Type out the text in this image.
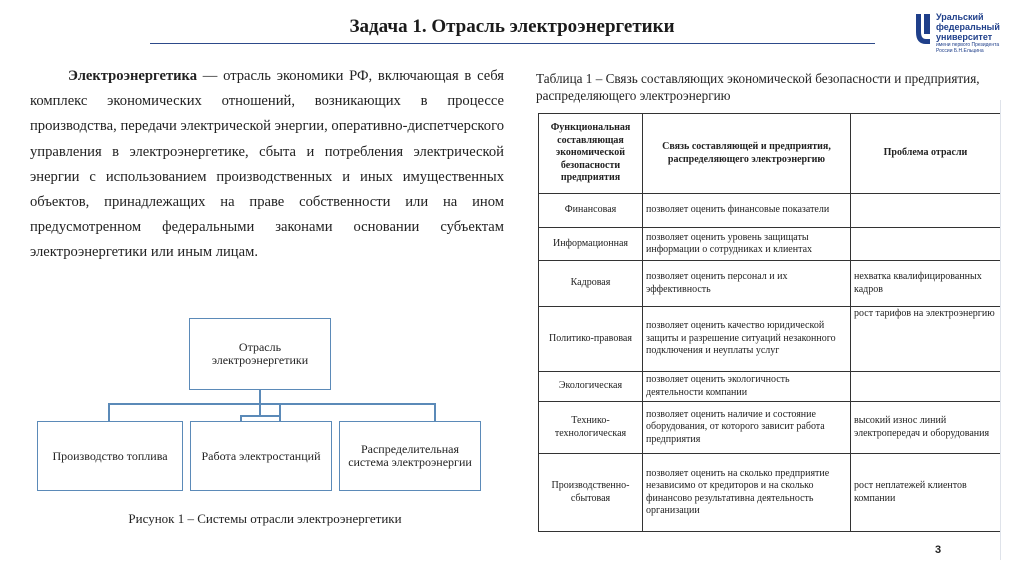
Задача 1. Отрасль электроэнергетики	Уральский
федеральный
университет
имени первого Президента России Б.Н.Ельцина

Электроэнергетика — отрасль экономики РФ, включающая в себя комплекс экономических отношений, возникающих в процессе производства, передачи электрической энергии, оперативно-диспетчерского управления в электроэнергетике, сбыта и потребления электрической энергии с использованием производственных и иных имущественных объектов, принадлежащих на праве собственности или на ином предусмотренном федеральными законами основании субъектам электроэнергетики или иным лицам.

Отрасль электроэнергетики
Производство топлива	Работа электростанций	Распределительная система электроэнергии
Рисунок 1 – Системы отрасли электроэнергетики
Таблица 1 – Связь составляющих экономической безопасности и предприятия, распределяющего электроэнергию
Функциональная составляющая экономической безопасности предприятия	Связь составляющей и предприятия, распределяющего электроэнергию	Проблема отрасли
Финансовая	позволяет оценить финансовые показатели	
Информационная	позволяет оценить уровень защищаты информации о сотрудниках и клиентах	
Кадровая	позволяет оценить персонал и их эффективность	нехватка квалифицированных кадров
Политико-правовая	позволяет оценить качество юридической защиты и разрешение ситуаций незаконного подключения и неуплаты услуг	рост тарифов на электроэнергию
Экологическая	позволяет оценить экологичность деятельности компании	
Технико-технологическая	позволяет оценить наличие и состояние оборудования, от которого зависит работа предприятия	высокий износ линий электропередач и оборудования
Производственно-сбытовая	позволяет оценить на сколько предприятие независимо от кредиторов и на сколько финансово результативна деятельность организации	рост неплатежей клиентов компании
3
